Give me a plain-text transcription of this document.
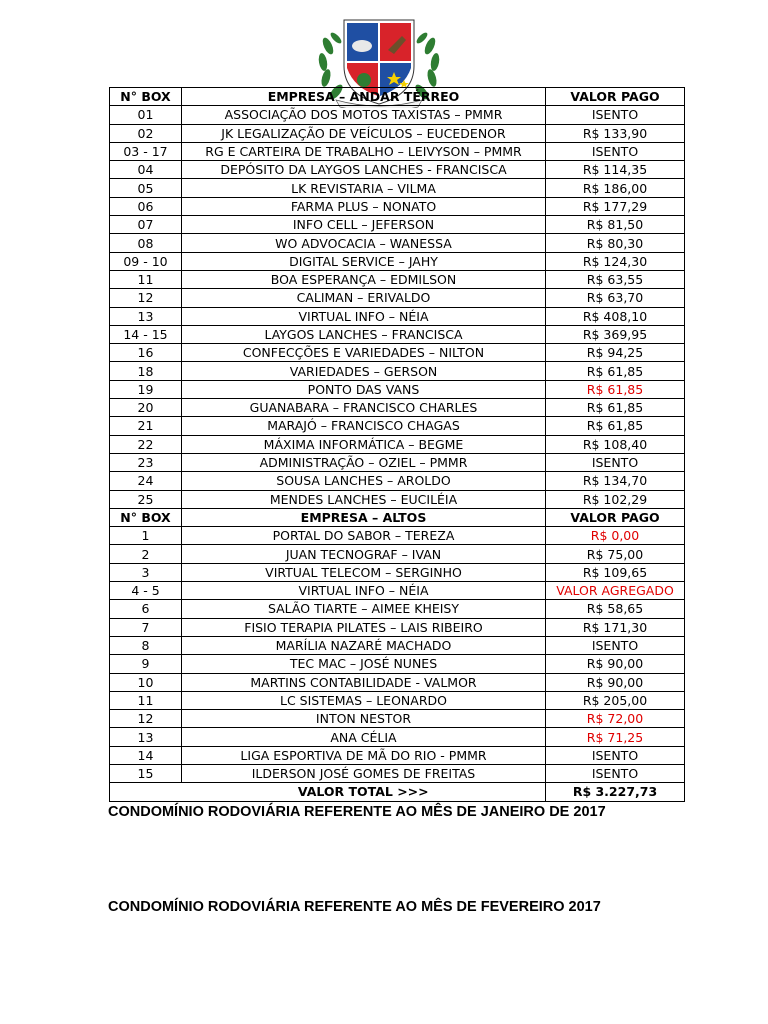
N° BOX	EMPRESA – ANDAR TÉRREO	VALOR PAGO
01	ASSOCIAÇÃO DOS MOTOS TAXISTAS – PMMR	ISENTO
02	JK LEGALIZAÇÃO DE VEÍCULOS – EUCEDENOR	R$ 133,90
03 - 17	RG E CARTEIRA DE TRABALHO – LEIVYSON – PMMR	ISENTO
04	DEPÓSITO DA LAYGOS LANCHES - FRANCISCA	R$ 114,35
05	LK REVISTARIA – VILMA	R$ 186,00
06	FARMA PLUS – NONATO	R$ 177,29
07	INFO CELL – JEFERSON	R$ 81,50
08	WO ADVOCACIA – WANESSA	R$ 80,30
09 - 10	DIGITAL SERVICE – JAHY	R$ 124,30
11	BOA ESPERANÇA – EDMILSON	R$ 63,55
12	CALIMAN – ERIVALDO	R$ 63,70
13	VIRTUAL INFO – NÉIA	R$ 408,10
14 - 15	LAYGOS LANCHES – FRANCISCA	R$ 369,95
16	CONFECÇÕES E VARIEDADES – NILTON	R$ 94,25
18	VARIEDADES – GERSON	R$ 61,85
19	PONTO DAS VANS	R$ 61,85
20	GUANABARA – FRANCISCO CHARLES	R$ 61,85
21	MARAJÓ – FRANCISCO CHAGAS	R$ 61,85
22	MÁXIMA INFORMÁTICA – BEGME	R$ 108,40
23	ADMINISTRAÇÃO – OZIEL – PMMR	ISENTO
24	SOUSA LANCHES – AROLDO	R$ 134,70
25	MENDES LANCHES – EUCILÉIA	R$ 102,29
N° BOX	EMPRESA – ALTOS	VALOR PAGO
1	PORTAL DO SABOR – TEREZA	R$ 0,00
2	JUAN TECNOGRAF – IVAN	R$ 75,00
3	VIRTUAL TELECOM – SERGINHO	R$ 109,65
4 - 5	VIRTUAL INFO – NÉIA	VALOR AGREGADO
6	SALÃO TIARTE – AIMEE KHEISY	R$ 58,65
7	FISIO TERAPIA PILATES – LAIS RIBEIRO	R$ 171,30
8	MARÍLIA NAZARÉ MACHADO	ISENTO
9	TEC MAC – JOSÉ NUNES	R$ 90,00
10	MARTINS CONTABILIDADE - VALMOR	R$ 90,00
11	LC SISTEMAS – LEONARDO	R$ 205,00
12	INTON NESTOR	R$ 72,00
13	ANA CÉLIA	R$ 71,25
14	LIGA ESPORTIVA DE MÃ DO RIO - PMMR	ISENTO
15	ILDERSON JOSÉ GOMES DE FREITAS	ISENTO
	VALOR TOTAL >>>	R$ 3.227,73
CONDOMÍNIO RODOVIÁRIA REFERENTE AO MÊS DE JANEIRO DE 2017
CONDOMÍNIO RODOVIÁRIA REFERENTE AO MÊS DE FEVEREIRO 2017
